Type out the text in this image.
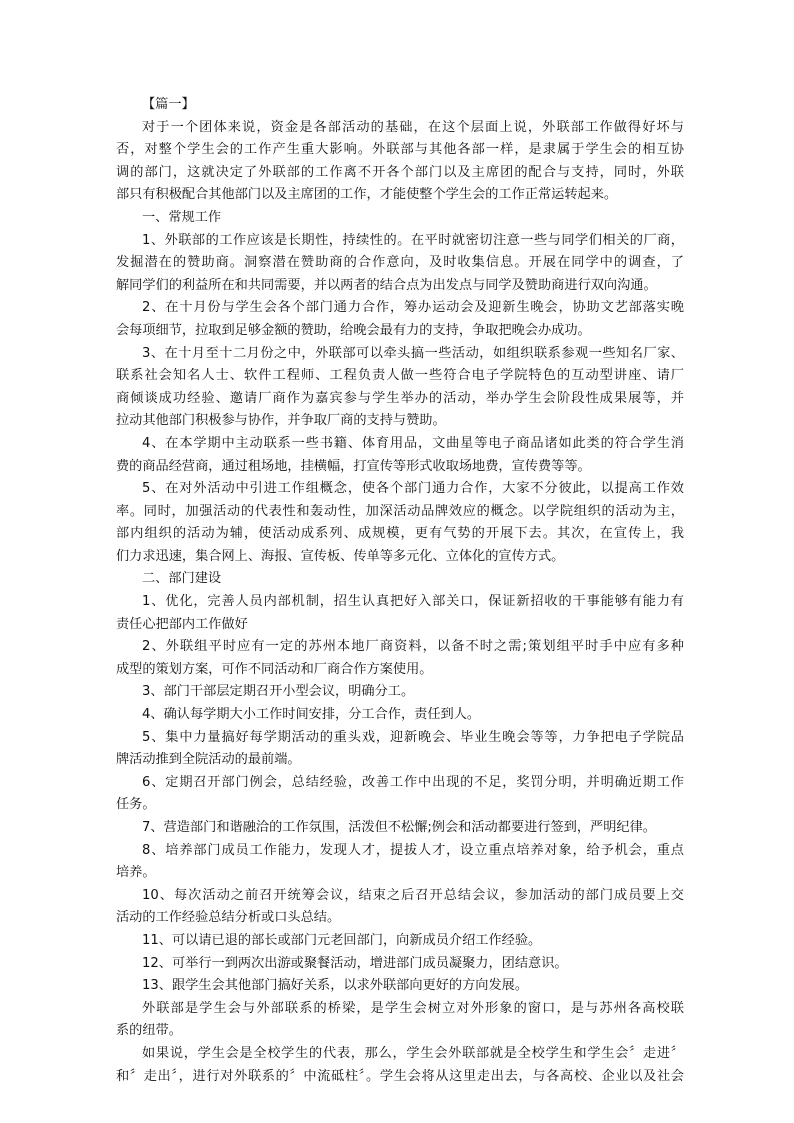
【篇一】
对于一个团体来说，资金是各部活动的基础，在这个层面上说，外联部工作做得好坏与
否，对整个学生会的工作产生重大影响。外联部与其他各部一样，是隶属于学生会的相互协
调的部门，这就决定了外联部的工作离不开各个部门以及主席团的配合与支持，同时，外联
部只有积极配合其他部门以及主席团的工作，才能使整个学生会的工作正常运转起来。
一、常规工作
1、外联部的工作应该是长期性，持续性的。在平时就密切注意一些与同学们相关的厂商，
发掘潜在的赞助商。洞察潜在赞助商的合作意向，及时收集信息。开展在同学中的调查，了
解同学们的利益所在和共同需要，并以两者的结合点为出发点与同学及赞助商进行双向沟通。
2、在十月份与学生会各个部门通力合作，筹办运动会及迎新生晚会，协助文艺部落实晚
会每项细节，拉取到足够金额的赞助，给晚会最有力的支持，争取把晚会办成功。
3、在十月至十二月份之中，外联部可以牵头搞一些活动，如组织联系参观一些知名厂家、
联系社会知名人士、软件工程师、工程负责人做一些符合电子学院特色的互动型讲座、请厂
商倾谈成功经验、邀请厂商作为嘉宾参与学生举办的活动，举办学生会阶段性成果展等，并
拉动其他部门积极参与协作，并争取厂商的支持与赞助。
4、在本学期中主动联系一些书籍、体育用品，文曲星等电子商品诸如此类的符合学生消
费的商品经营商，通过租场地，挂横幅，打宣传等形式收取场地费，宣传费等等。
5、在对外活动中引进工作组概念，使各个部门通力合作，大家不分彼此，以提高工作效
率。同时，加强活动的代表性和轰动性，加深活动品牌效应的概念。以学院组织的活动为主，
部内组织的活动为辅，使活动成系列、成规模，更有气势的开展下去。其次，在宣传上，我
们力求迅速，集合网上、海报、宣传板、传单等多元化、立体化的宣传方式。
二、部门建设
1、优化，完善人员内部机制，招生认真把好入部关口，保证新招收的干事能够有能力有
责任心把部内工作做好
2、外联组平时应有一定的苏州本地厂商资料，以备不时之需;策划组平时手中应有多种
成型的策划方案，可作不同活动和厂商合作方案使用。
3、部门干部层定期召开小型会议，明确分工。
4、确认每学期大小工作时间安排，分工合作，责任到人。
5、集中力量搞好每学期活动的重头戏，迎新晚会、毕业生晚会等等，力争把电子学院品
牌活动推到全院活动的最前端。
6、定期召开部门例会，总结经验，改善工作中出现的不足，奖罚分明，并明确近期工作
任务。
7、营造部门和谐融洽的工作氛围，活泼但不松懈;例会和活动都要进行签到，严明纪律。
8、培养部门成员工作能力，发现人才，提拔人才，设立重点培养对象，给予机会，重点
培养。
10、每次活动之前召开统筹会议，结束之后召开总结会议，参加活动的部门成员要上交
活动的工作经验总结分析或口头总结。
11、可以请已退的部长或部门元老回部门，向新成员介绍工作经验。
12、可举行一到两次出游或聚餐活动，增进部门成员凝聚力，团结意识。
13、跟学生会其他部门搞好关系，以求外联部向更好的方向发展。
外联部是学生会与外部联系的桥梁，是学生会树立对外形象的窗口，是与苏州各高校联
系的纽带。
如果说，学生会是全校学生的代表，那么，学生会外联部就是全校学生和学生会〞走进〞
和〞走出〞，进行对外联系的〞中流砥柱〞。学生会将从这里走出去，与各高校、企业以及社会
